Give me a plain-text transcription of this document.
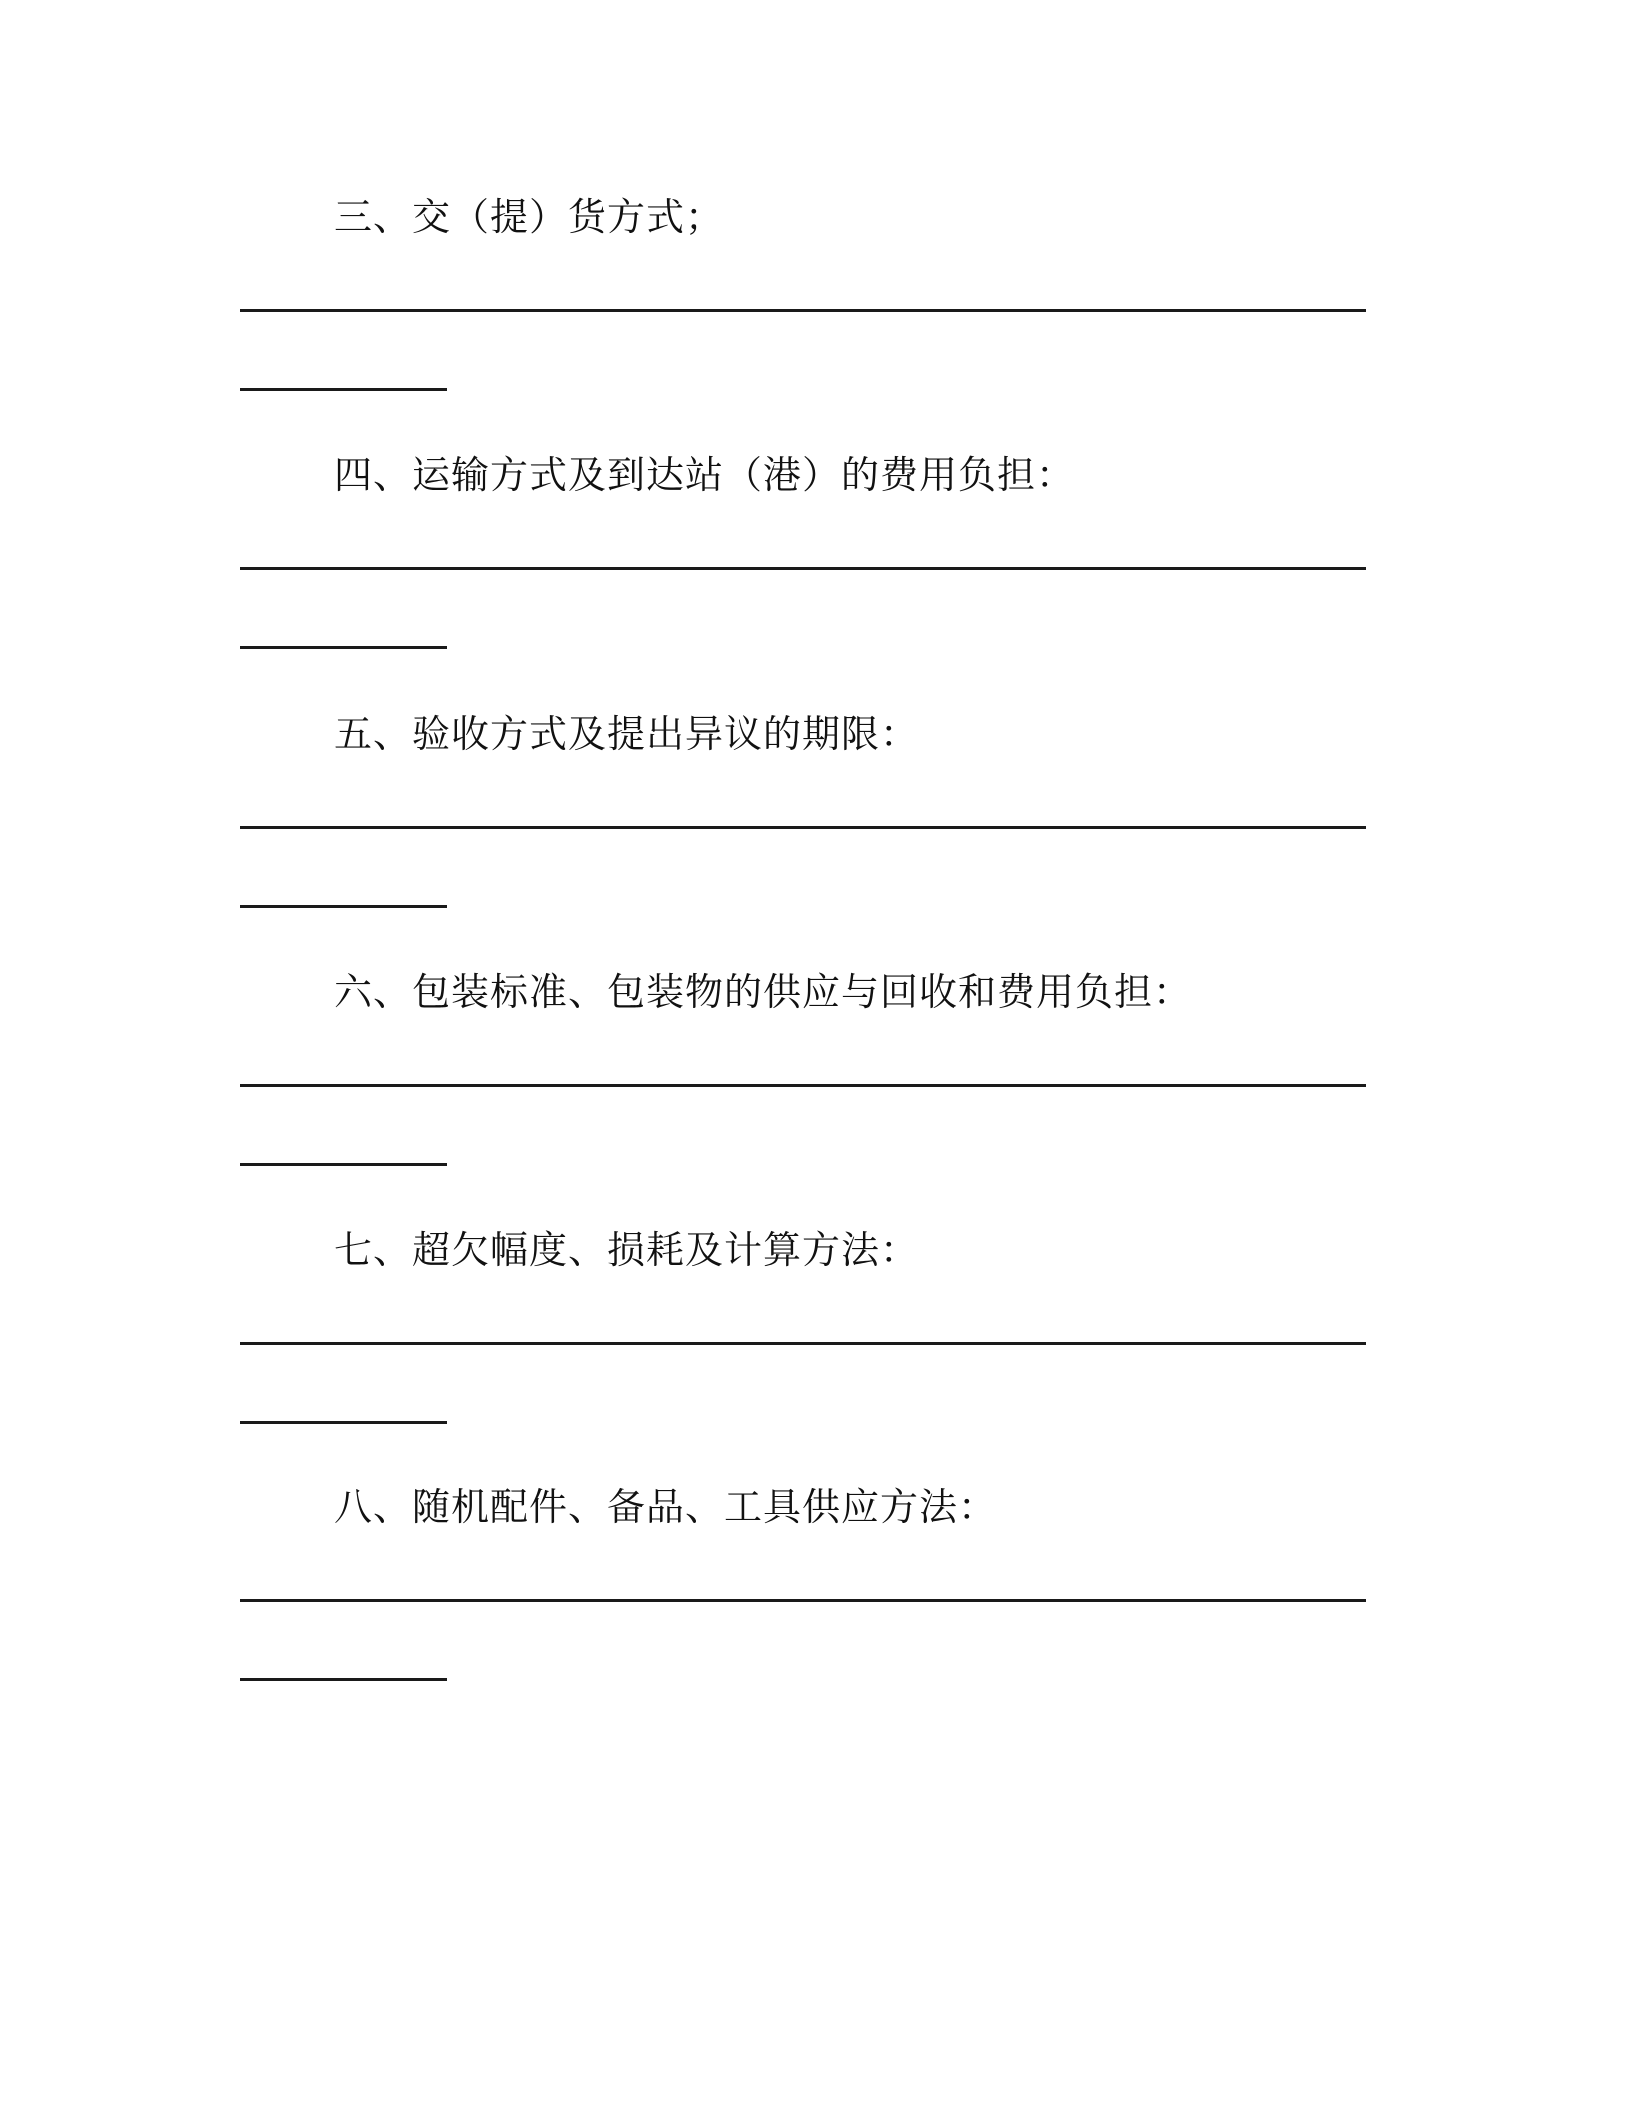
三、交（提）货方式；
四、运输方式及到达站（港）的费用负担：
五、验收方式及提出异议的期限：
六、包装标准、包装物的供应与回收和费用负担：
七、超欠幅度、损耗及计算方法：
八、随机配件、备品、工具供应方法：
